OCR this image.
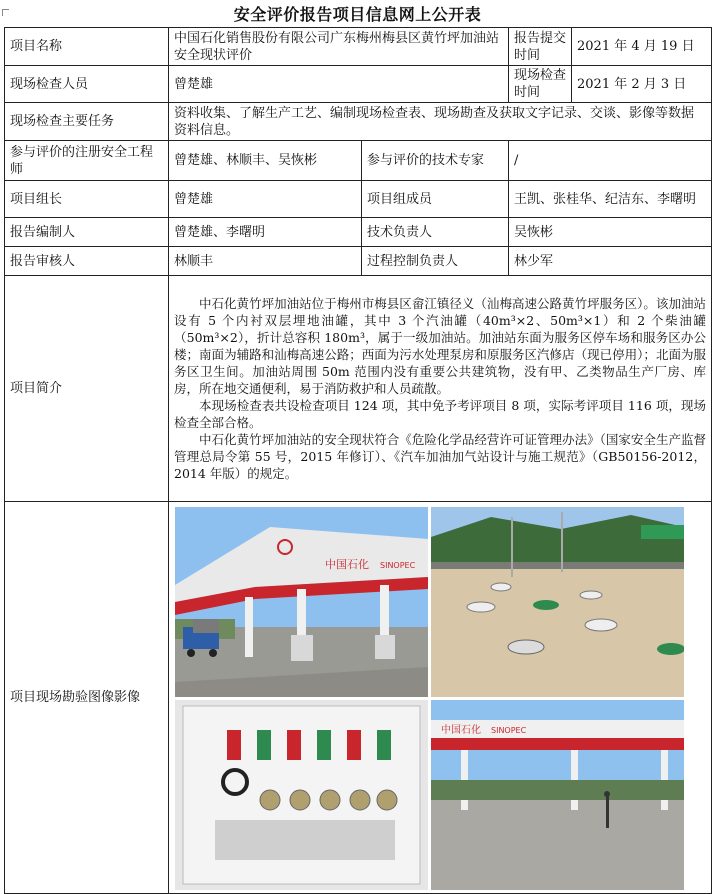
安全评价报告项目信息网上公开表
项目名称	中国石化销售股份有限公司广东梅州梅县区黄竹坪加油站安全现状评价		报告提交时间	2021 年 4 月 19 日
现场检查人员	曾楚雄		现场检查时间	2021 年 2 月 3 日
现场检查主要任务	资料收集、了解生产工艺、编制现场检查表、现场勘查及获取文字记录、交谈、影像等数据资料信息。			
参与评价的注册安全工程师	曾楚雄、林顺丰、吴恢彬	参与评价的技术专家	/	
项目组长	曾楚雄	项目组成员	王凯、张桂华、纪洁东、李曙明	
报告编制人	曾楚雄、李曙明	技术负责人	吴恢彬	
报告审核人	林顺丰	过程控制负责人	林少军	
项目简介	中石化黄竹坪加油站位于梅州市梅县区畲江镇径义（汕梅高速公路黄竹坪服务区）。该加油站设有 5 个内衬双层埋地油罐，其中 3 个汽油罐（40m³×2、50m³×1）和 2 个柴油罐（50m³×2），折计总容积 180m³，属于一级加油站。加油站东面为服务区停车场和服务区办公楼；南面为辅路和汕梅高速公路；西面为污水处理泵房和原服务区汽修店（现已停用）；北面为服务区卫生间。加油站周围 50m 范围内没有重要公共建筑物，没有甲、乙类物品生产厂房、库房，所在地交通便利，易于消防救护和人员疏散。

本现场检查表共设检查项目 124 项，其中免予考评项目 8 项，实际考评项目 116 项，现场检查全部合格。

中石化黄竹坪加油站的安全现状符合《危险化学品经营许可证管理办法》（国家安全生产监督管理总局令第 55 号，2015 年修订）、《汽车加油加气站设计与施工规范》（GB50156-2012，2014 年版）的规定。			

项目现场勘验图像影像	中国石化 SINOPEC
中国石化 SINOPEC			
